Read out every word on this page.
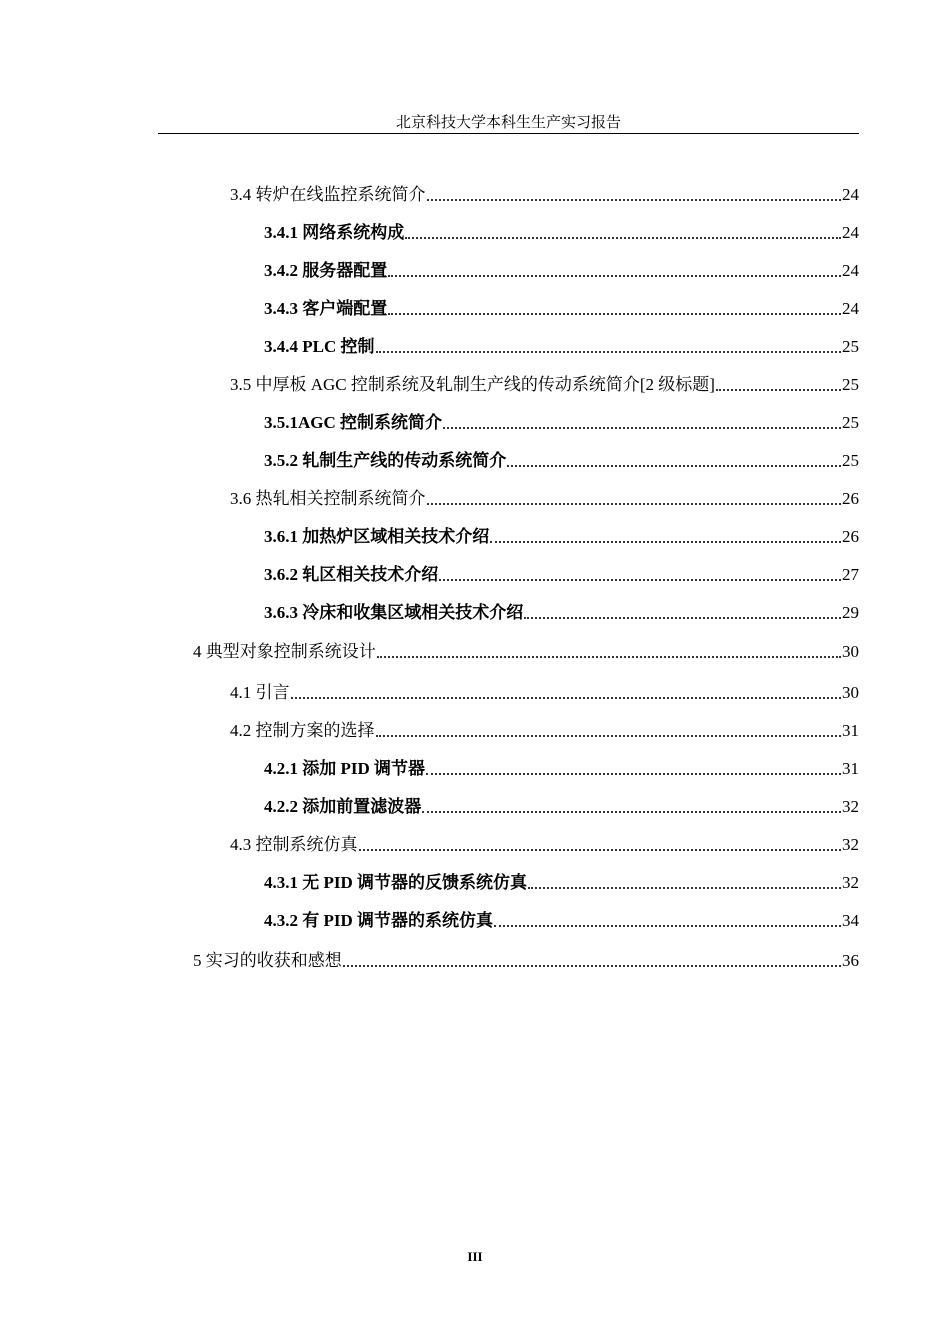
北京科技大学本科生生产实习报告
3.4 转炉在线监控系统简介	24
3.4.1 网络系统构成	24
3.4.2 服务器配置	24
3.4.3 客户端配置	24
3.4.4 PLC 控制	25
3.5 中厚板 AGC 控制系统及轧制生产线的传动系统简介[2 级标题]	25
3.5.1AGC 控制系统简介	25
3.5.2 轧制生产线的传动系统简介	25
3.6 热轧相关控制系统简介	26
3.6.1 加热炉区域相关技术介绍	26
3.6.2 轧区相关技术介绍	27
3.6.3 冷床和收集区域相关技术介绍	29
4 典型对象控制系统设计	30
4.1 引言	30
4.2 控制方案的选择	31
4.2.1 添加 PID 调节器	31
4.2.2 添加前置滤波器	32
4.3 控制系统仿真	32
4.3.1 无 PID 调节器的反馈系统仿真	32
4.3.2 有 PID 调节器的系统仿真	34
5 实习的收获和感想	36
III
